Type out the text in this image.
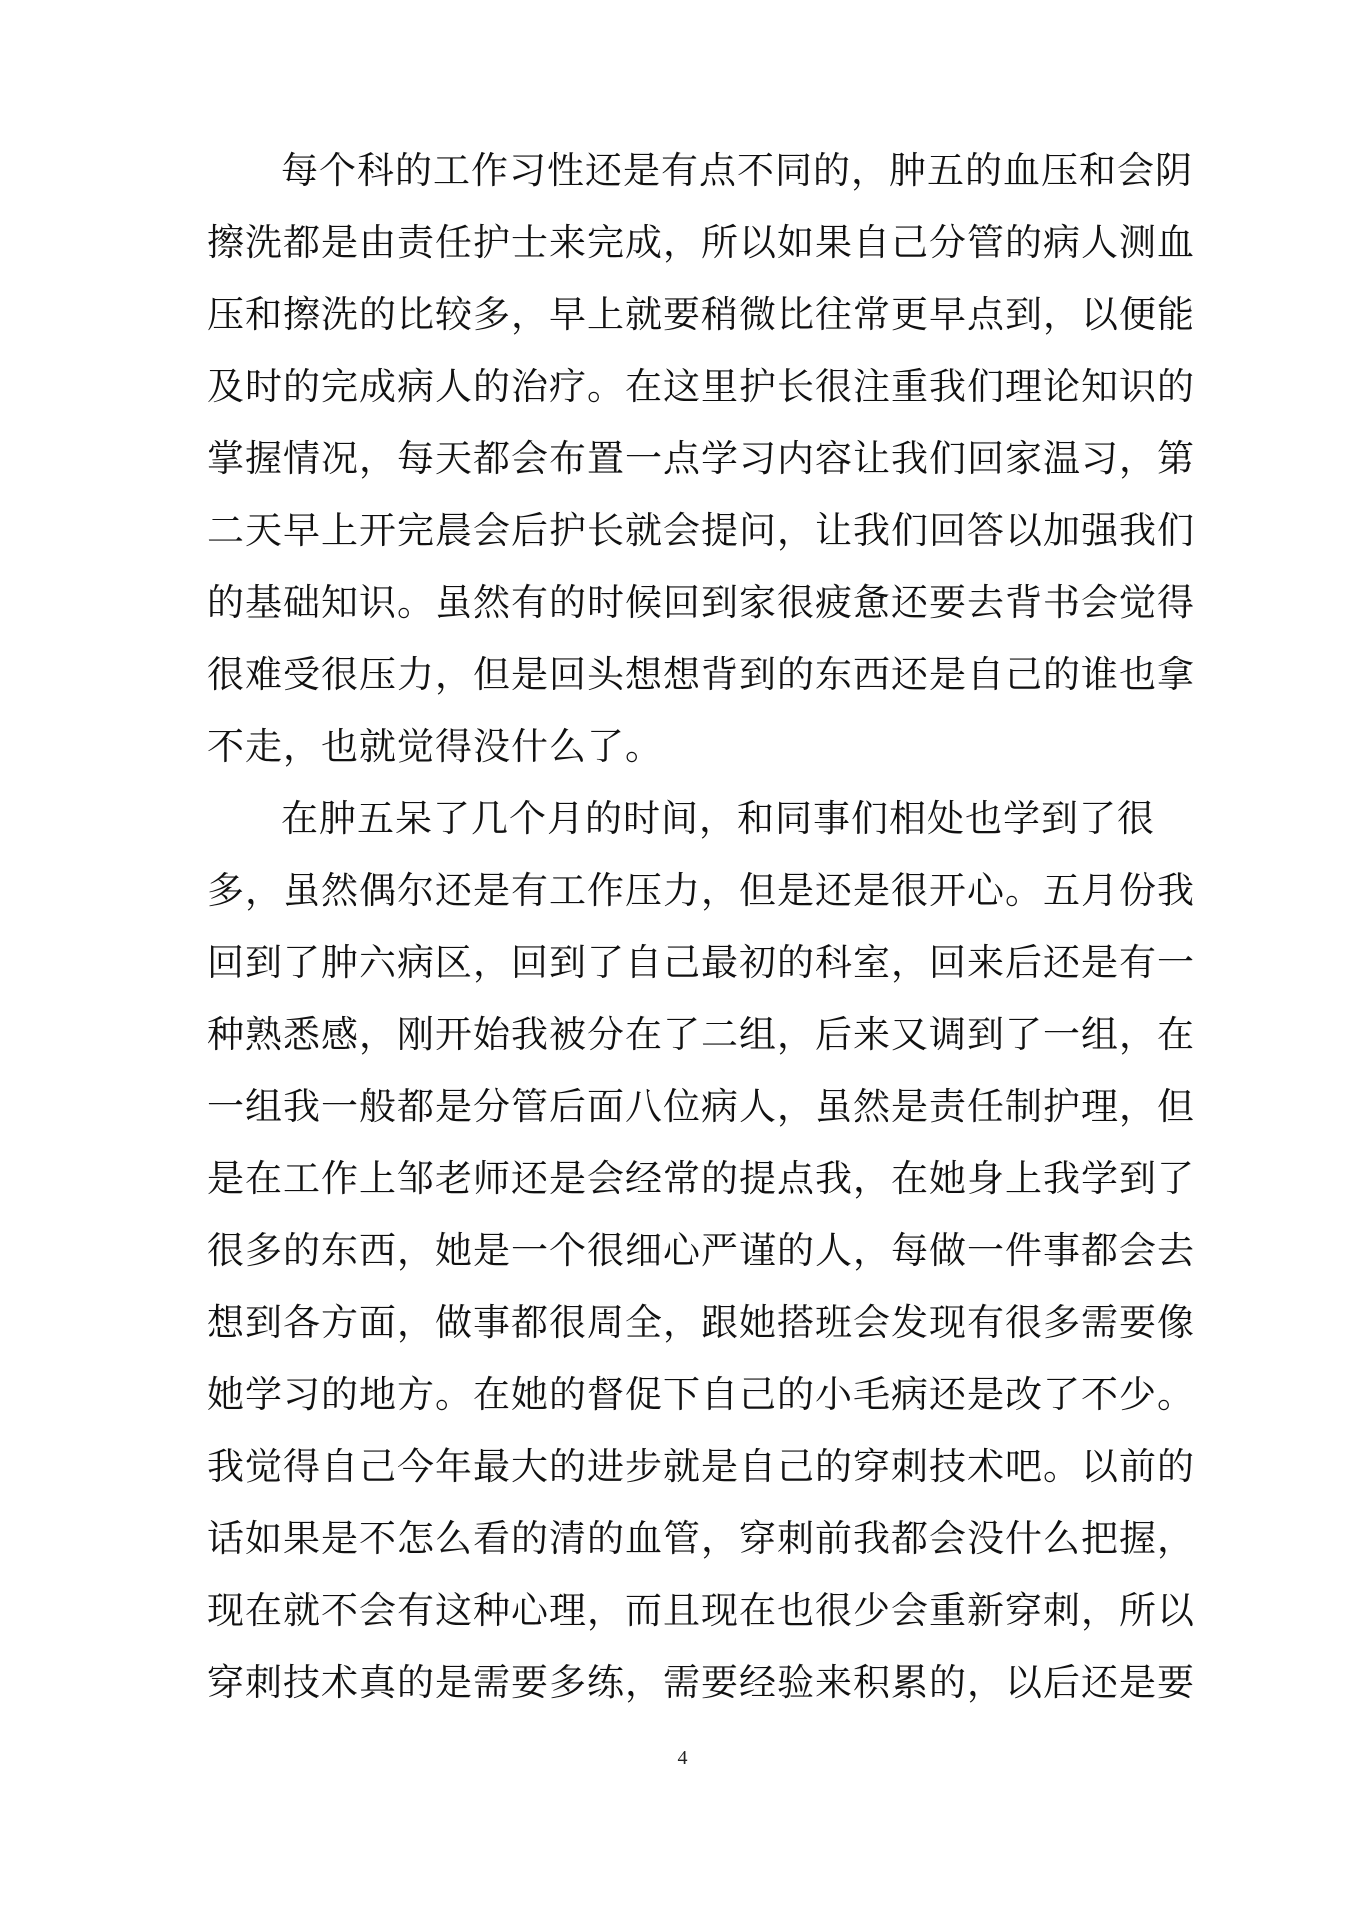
每个科的工作习性还是有点不同的，肿五的血压和会阴
擦洗都是由责任护士来完成，所以如果自己分管的病人测血
压和擦洗的比较多，早上就要稍微比往常更早点到，以便能
及时的完成病人的治疗。在这里护长很注重我们理论知识的
掌握情况，每天都会布置一点学习内容让我们回家温习，第
二天早上开完晨会后护长就会提问，让我们回答以加强我们
的基础知识。虽然有的时候回到家很疲惫还要去背书会觉得
很难受很压力，但是回头想想背到的东西还是自己的谁也拿
不走，也就觉得没什么了。
在肿五呆了几个月的时间，和同事们相处也学到了很
多，虽然偶尔还是有工作压力，但是还是很开心。五月份我
回到了肿六病区，回到了自己最初的科室，回来后还是有一
种熟悉感，刚开始我被分在了二组，后来又调到了一组，在
一组我一般都是分管后面八位病人，虽然是责任制护理，但
是在工作上邹老师还是会经常的提点我，在她身上我学到了
很多的东西，她是一个很细心严谨的人，每做一件事都会去
想到各方面，做事都很周全，跟她搭班会发现有很多需要像
她学习的地方。在她的督促下自己的小毛病还是改了不少。
我觉得自己今年最大的进步就是自己的穿刺技术吧。以前的
话如果是不怎么看的清的血管，穿刺前我都会没什么把握，
现在就不会有这种心理，而且现在也很少会重新穿刺，所以
穿刺技术真的是需要多练，需要经验来积累的，以后还是要
4
